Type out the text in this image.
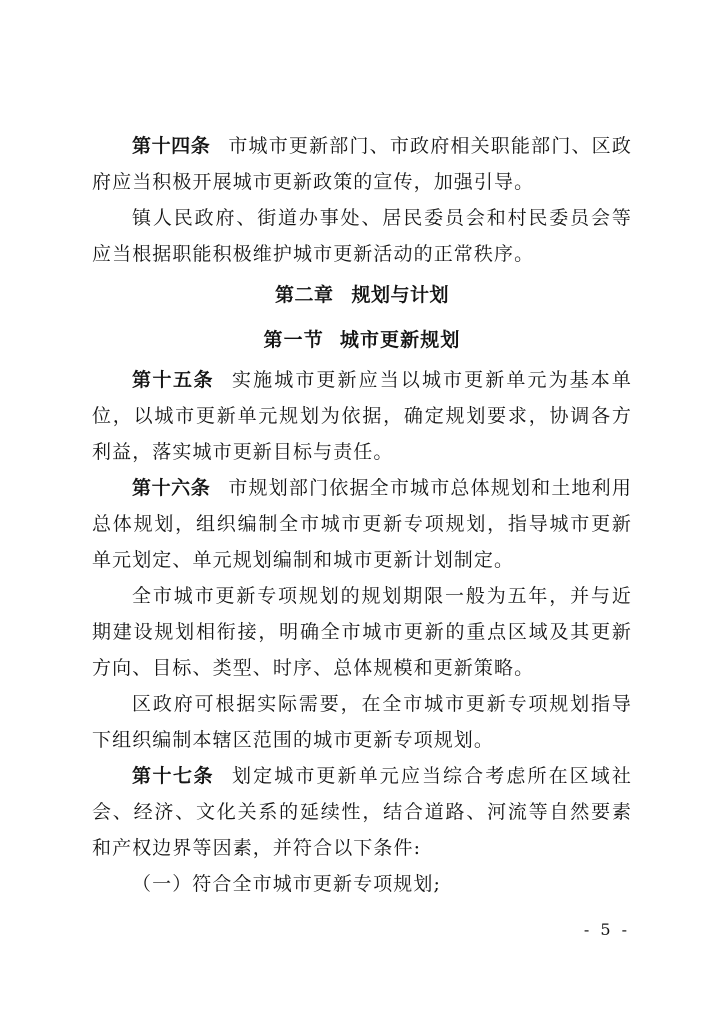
第十四条 市城市更新部门、市政府相关职能部门、区政府应当积极开展城市更新政策的宣传，加强引导。

镇人民政府、街道办事处、居民委员会和村民委员会等应当根据职能积极维护城市更新活动的正常秩序。

第二章 规划与计划
第一节 城市更新规划

第十五条 实施城市更新应当以城市更新单元为基本单位，以城市更新单元规划为依据，确定规划要求，协调各方利益，落实城市更新目标与责任。

第十六条 市规划部门依据全市城市总体规划和土地利用总体规划，组织编制全市城市更新专项规划，指导城市更新单元划定、单元规划编制和城市更新计划制定。

全市城市更新专项规划的规划期限一般为五年，并与近期建设规划相衔接，明确全市城市更新的重点区域及其更新方向、目标、类型、时序、总体规模和更新策略。

区政府可根据实际需要，在全市城市更新专项规划指导下组织编制本辖区范围的城市更新专项规划。

第十七条 划定城市更新单元应当综合考虑所在区域社会、经济、文化关系的延续性，结合道路、河流等自然要素和产权边界等因素，并符合以下条件:

（一）符合全市城市更新专项规划;

- 5 -
